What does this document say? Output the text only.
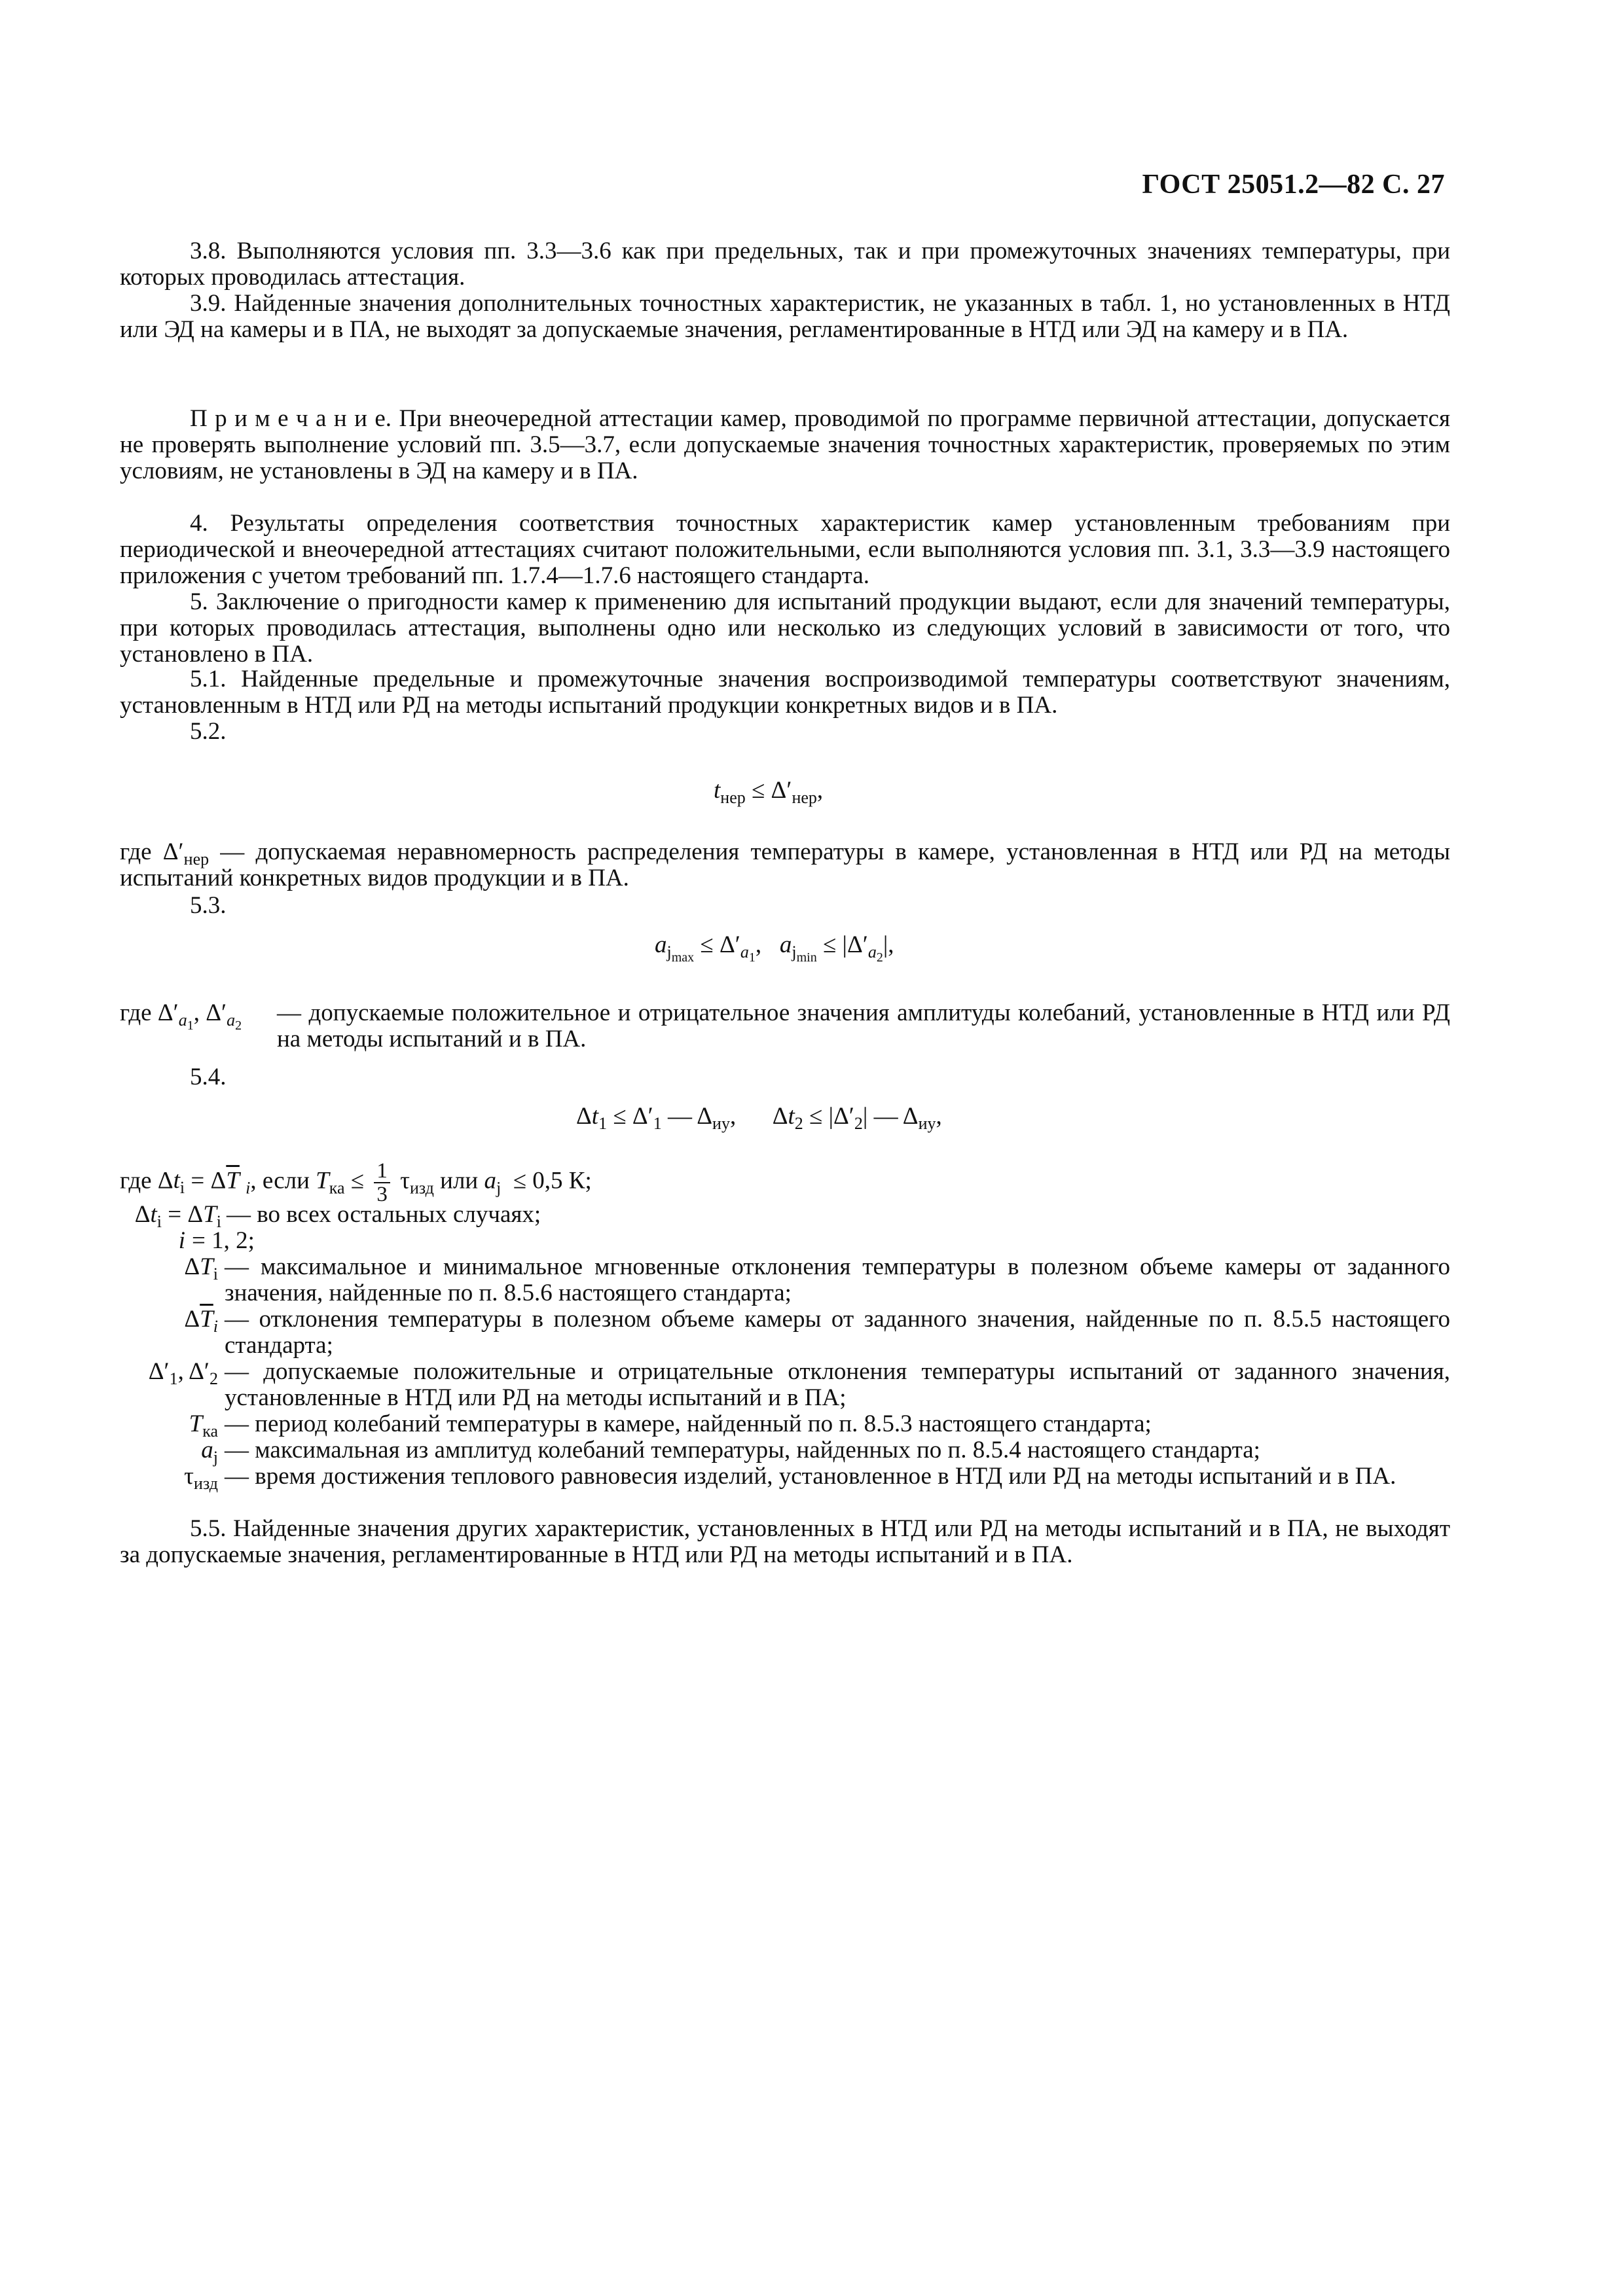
ГОСТ 25051.2—82 С. 27

3.8. Выполняются условия пп. 3.3—3.6 как при предельных, так и при промежуточных значениях температуры, при которых проводилась аттестация.

3.9. Найденные значения дополнительных точностных характеристик, не указанных в табл. 1, но установленных в НТД или ЭД на камеры и в ПА, не выходят за допускаемые значения, регламентированные в НТД или ЭД на камеру и в ПА.

П р и м е ч а н и е. При внеочередной аттестации камер, проводимой по программе первичной аттестации, допускается не проверять выполнение условий пп. 3.5—3.7, если допускаемые значения точностных характеристик, проверяемых по этим условиям, не установлены в ЭД на камеру и в ПА.

4. Результаты определения соответствия точностных характеристик камер установленным требованиям при периодической и внеочередной аттестациях считают положительными, если выполняются условия пп. 3.1, 3.3—3.9 настоящего приложения с учетом требований пп. 1.7.4—1.7.6 настоящего стандарта.

5. Заключение о пригодности камер к применению для испытаний продукции выдают, если для значений температуры, при которых проводилась аттестация, выполнены одно или несколько из следующих условий в зависимости от того, что установлено в ПА.

5.1. Найденные предельные и промежуточные значения воспроизводимой температуры соответствуют значениям, установленным в НТД или РД на методы испытаний продукции конкретных видов и в ПА.

5.2.

$t_{нер} \le \Delta'_{нер}$,

где $\Delta'_{нер}$ — допускаемая неравномерность распределения температуры в камере, установленная в НТД или РД на методы испытаний конкретных видов продукции и в ПА.

5.3.

$a_{j_{max}} \le \Delta'_{a_1}$,   $a_{j_{min}} \le |\Delta'_{a_2}|$,
где $\Delta'_{a_1}$, $\Delta'_{a_2}$	— допускаемые положительное и отрицательное значения амплитуды колебаний, установленные в НТД или РД на методы испытаний и в ПА.

5.4.

$\Delta t_1 \le \Delta'_1$ — $\Delta_{иу}$,      $\Delta t_2 \le |\Delta'_2|$ — $\Delta_{иу}$,
где $\Delta t_i = \Delta\overline{T}$ $_i$, если $T_{ка} \le \frac{1}{3} \tau_{изд}$ или $a_j \le 0,5$ К;
$\Delta t_i = \Delta T_i$ — во всех остальных случаях;
i = 1, 2;
$\Delta T_i$ — максимальное и минимальное мгновенные отклонения температуры в полезном объеме камеры от заданного значения, найденные по п. 8.5.6 настоящего стандарта;
$\Delta\overline{T}_i$ — отклонения температуры в полезном объеме камеры от заданного значения, найденные по п. 8.5.5 настоящего стандарта;
$\Delta'_1$, $\Delta'_2$ — допускаемые положительные и отрицательные отклонения температуры испытаний от заданного значения, установленные в НТД или РД на методы испытаний и в ПА;
$T_{ка}$ — период колебаний температуры в камере, найденный по п. 8.5.3 настоящего стандарта;
$a_j$ — максимальная из амплитуд колебаний температуры, найденных по п. 8.5.4 настоящего стандарта;
$\tau_{изд}$ — время достижения теплового равновесия изделий, установленное в НТД или РД на методы испытаний и в ПА.

5.5. Найденные значения других характеристик, установленных в НТД или РД на методы испытаний и в ПА, не выходят за допускаемые значения, регламентированные в НТД или РД на методы испытаний и в ПА.
